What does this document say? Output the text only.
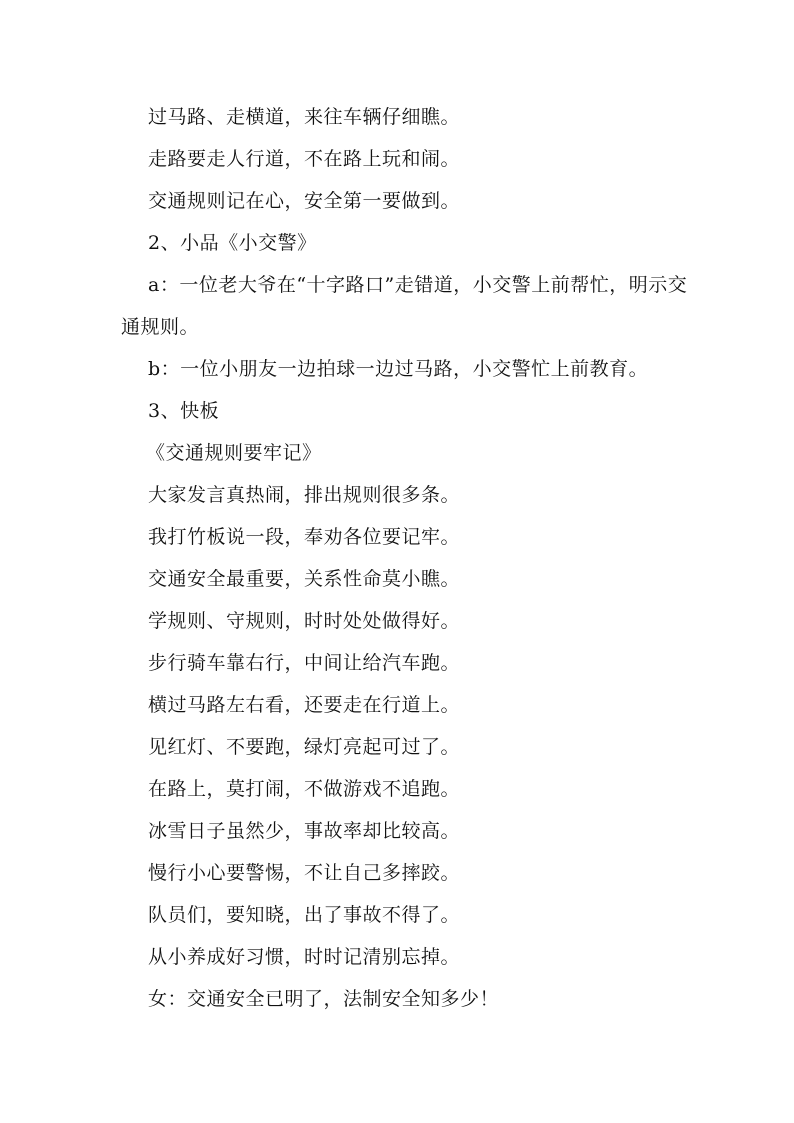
过马路、走横道，来往车辆仔细瞧。
走路要走人行道，不在路上玩和闹。
交通规则记在心，安全第一要做到。
2、小品《小交警》
a：一位老大爷在“十字路口”走错道，小交警上前帮忙，明示交
通规则。
b：一位小朋友一边拍球一边过马路，小交警忙上前教育。
3、快板
《交通规则要牢记》
大家发言真热闹，排出规则很多条。
我打竹板说一段，奉劝各位要记牢。
交通安全最重要，关系性命莫小瞧。
学规则、守规则，时时处处做得好。
步行骑车靠右行，中间让给汽车跑。
横过马路左右看，还要走在行道上。
见红灯、不要跑，绿灯亮起可过了。
在路上，莫打闹，不做游戏不追跑。
冰雪日子虽然少，事故率却比较高。
慢行小心要警惕，不让自己多摔跤。
队员们，要知晓，出了事故不得了。
从小养成好习惯，时时记清别忘掉。
女：交通安全已明了，法制安全知多少！
